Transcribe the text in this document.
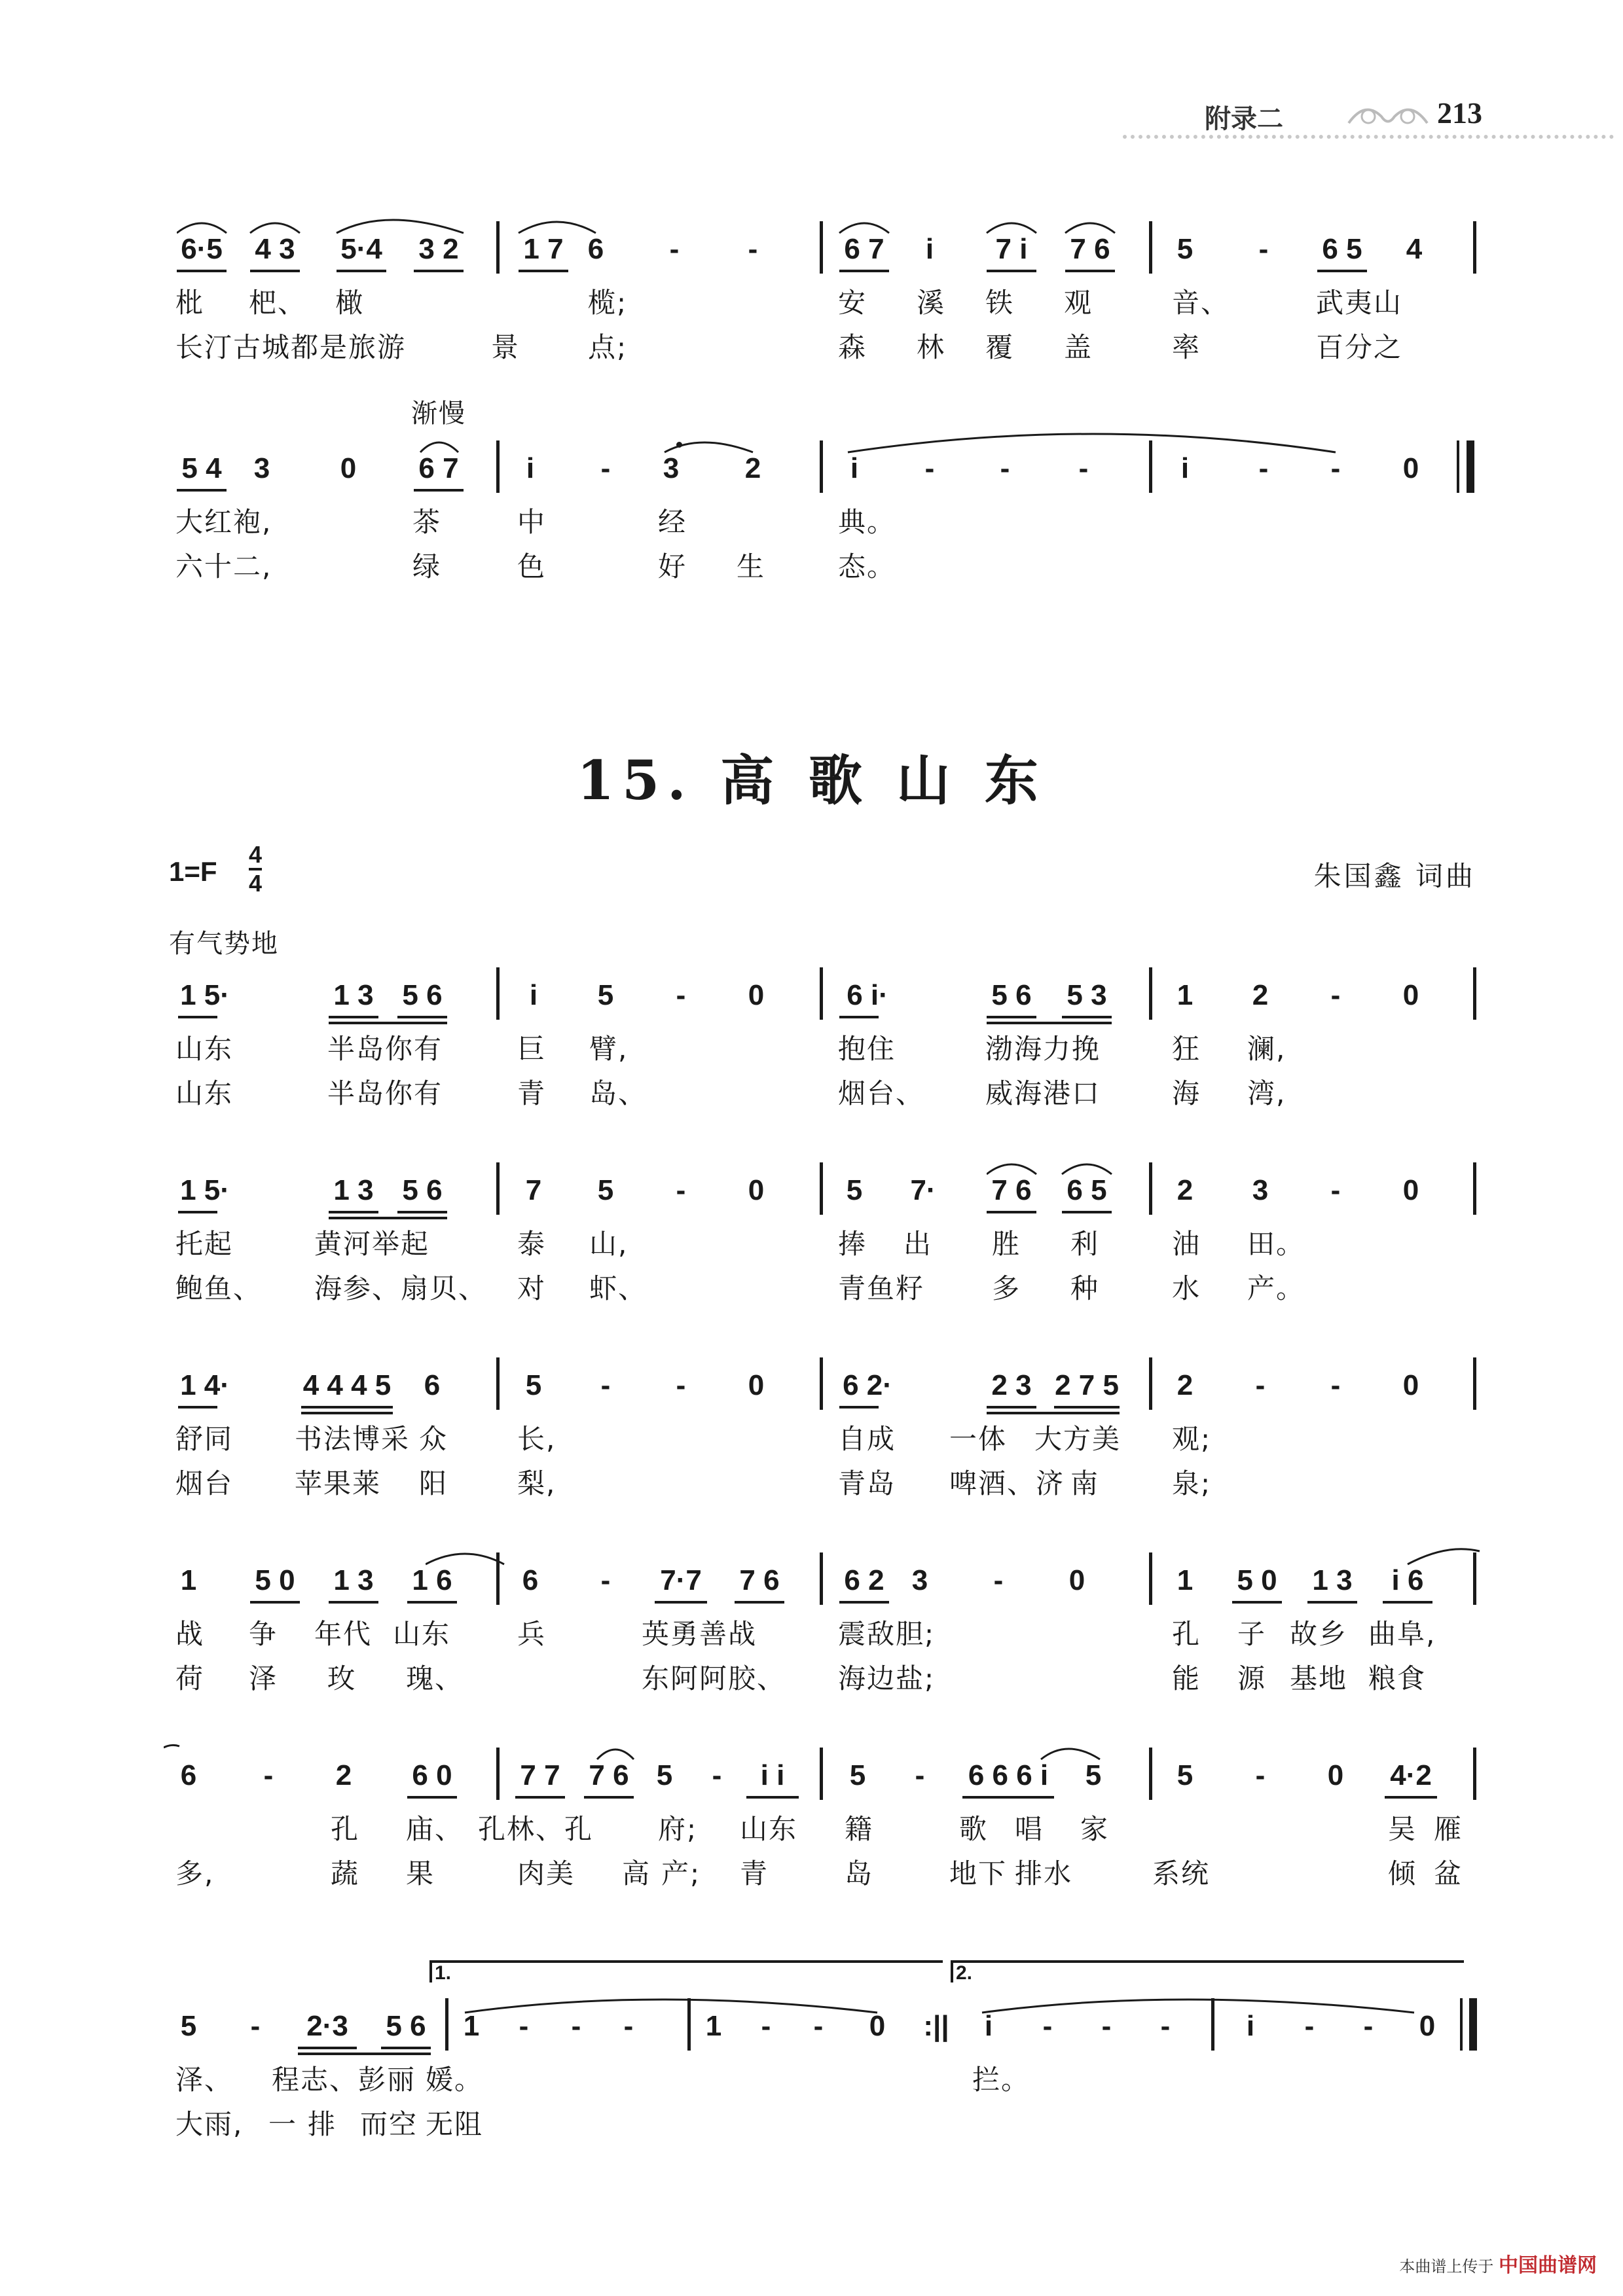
附录二	213
6·5 4 3 5·4 3 2 1 7 6 - -	6 7	i	7 i	7 6 5 - 6 5 4
枇 杷、 橄	榄;	安 溪 铁 观	音、	武夷山
长汀古城都是旅游	景 点;	森 林 覆 盖	率	百分之
渐慢
5 4 3 0 6 7	i	- 3 2	i	- - -	i	- - 0
大红袍,	茶	中	经	典。
六十二,	绿	色	好 生	态。
15. 高 歌 山 东
1=F
4
4	朱国鑫 词曲
有气势地
1 5·	1 3 5 6	i	5 - 0	6 i·	5 6 5 3 1 2 - 0
山东	半岛你有	巨 臂,	抱住	渤海力挽	狂 澜,
山东	半岛你有	青 岛、	烟台、 威海港口	海 湾,
1 5·	1 3 5 6	7 5 - 0	5	7·	7 6 6 5 2 3 - 0
托起	黄河举起	泰 山,	捧 出 胜 利	油 田。
鲍鱼、 海参、扇贝、 对 虾、	青鱼籽 多 种	水 产。
1 4·	4 4 4 5 6	5 - - 0	6 2·	2 3 2 7 5 2 - - 0
舒同 书法博采 众	长,	自成 一体 大方美 观;
烟台 苹果莱 阳	梨,	青岛 啤酒、济 南	泉;
1 5 0 1 3 1 6 6 -	7·7	7 6 6 2 3 - 0	1 5 0 1 3	i 6
战 争 年代 山东 兵	英勇善战	震敌胆;	孔 子 故乡 曲阜,
荷 泽 玫 瑰、	东阿阿胶、 海边盐;	能 源 基地 粮食
6 - 2 6 0 7 7 7 6 5 -	i i	5 -	6 6 6 i	5	5 - 0	4·2
孔 庙、 孔林、孔 府; 山东 籍	歌 唱 家	吴 雁
多,	蔬 果	肉美 高 产; 青	岛	地下 排水	系统	倾 盆
1.	2.
5 -	2·3	5 6 1 - - -	1 - - 0 :||	i	- - -	i	- - 0
泽、 程志、彭丽 媛。	拦。
大雨, 一 排 而空 无阻
本曲谱上传于 中国曲谱网
